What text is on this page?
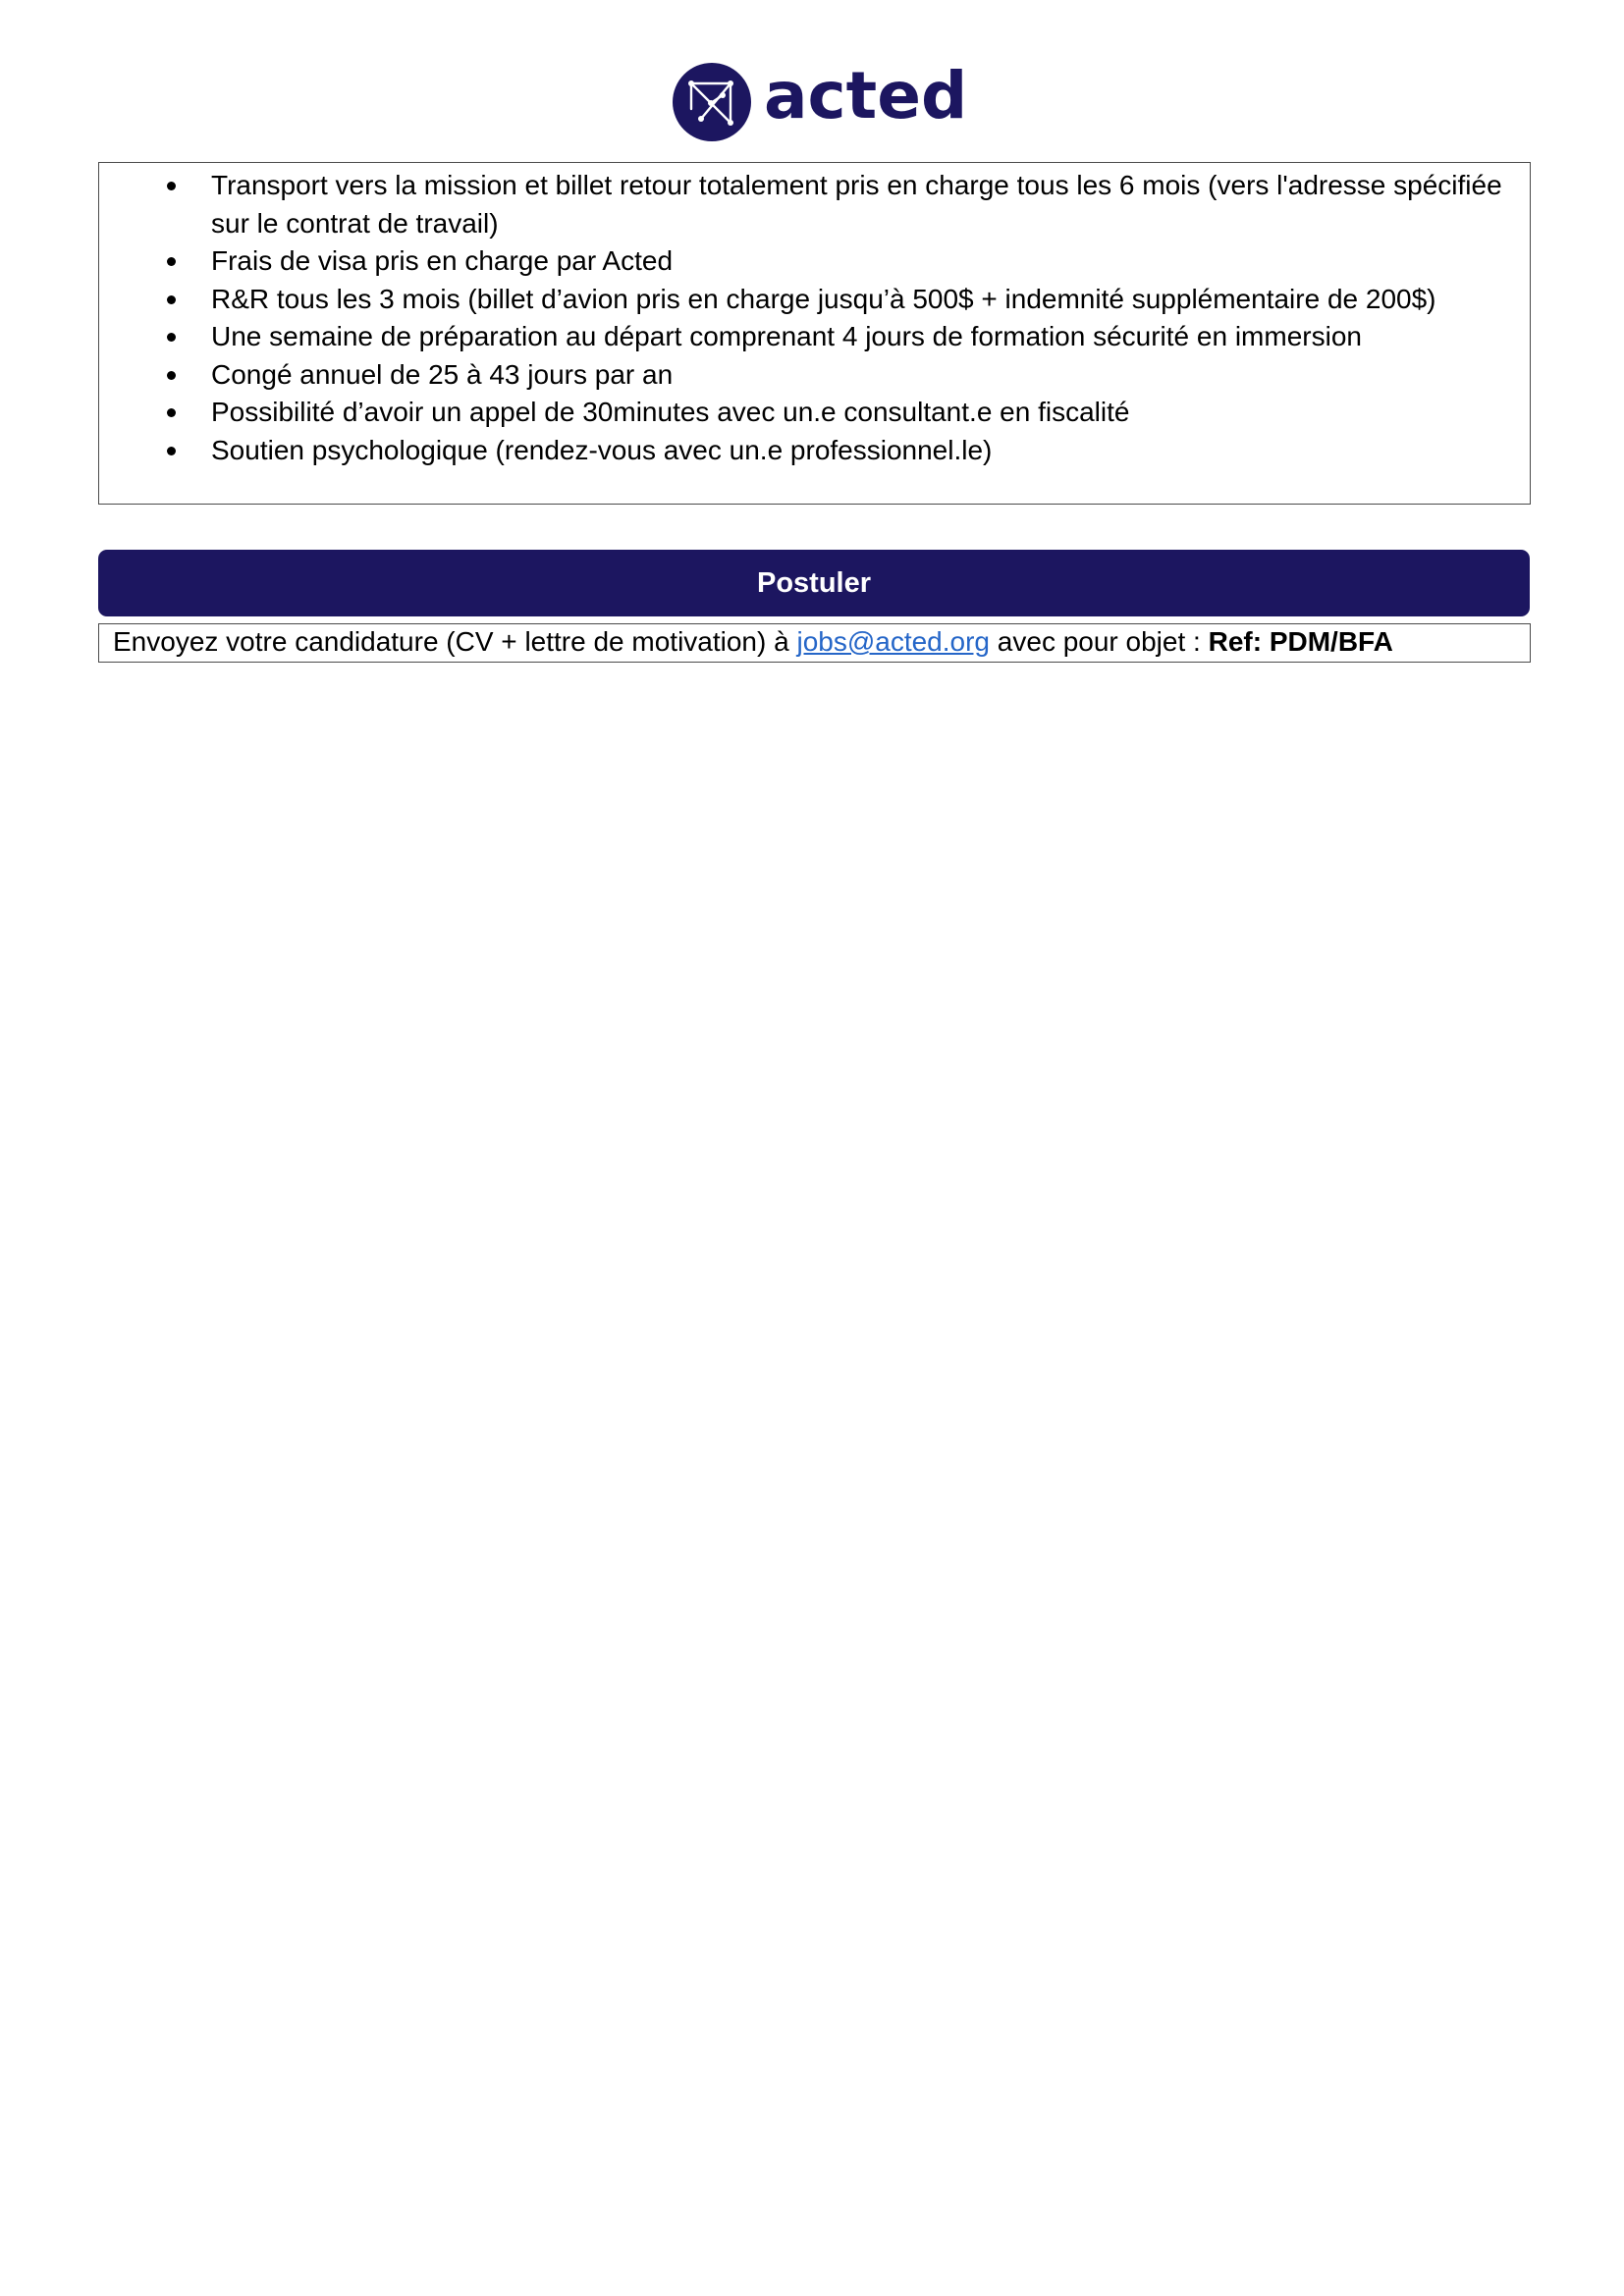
acted
Transport vers la mission et billet retour totalement pris en charge tous les 6 mois (vers l'adresse spécifiée sur le contrat de travail)
Frais de visa pris en charge par Acted
R&R tous les 3 mois (billet d’avion pris en charge jusqu’à 500$ + indemnité supplémentaire de 200$)
Une semaine de préparation au départ comprenant 4 jours de formation sécurité en immersion
Congé annuel de 25 à 43 jours par an
Possibilité d’avoir un appel de 30minutes avec un.e consultant.e en fiscalité
Soutien psychologique (rendez-vous avec un.e professionnel.le)
Postuler
Envoyez votre candidature (CV + lettre de motivation) à jobs@acted.org avec pour objet : Ref: PDM/BFA
